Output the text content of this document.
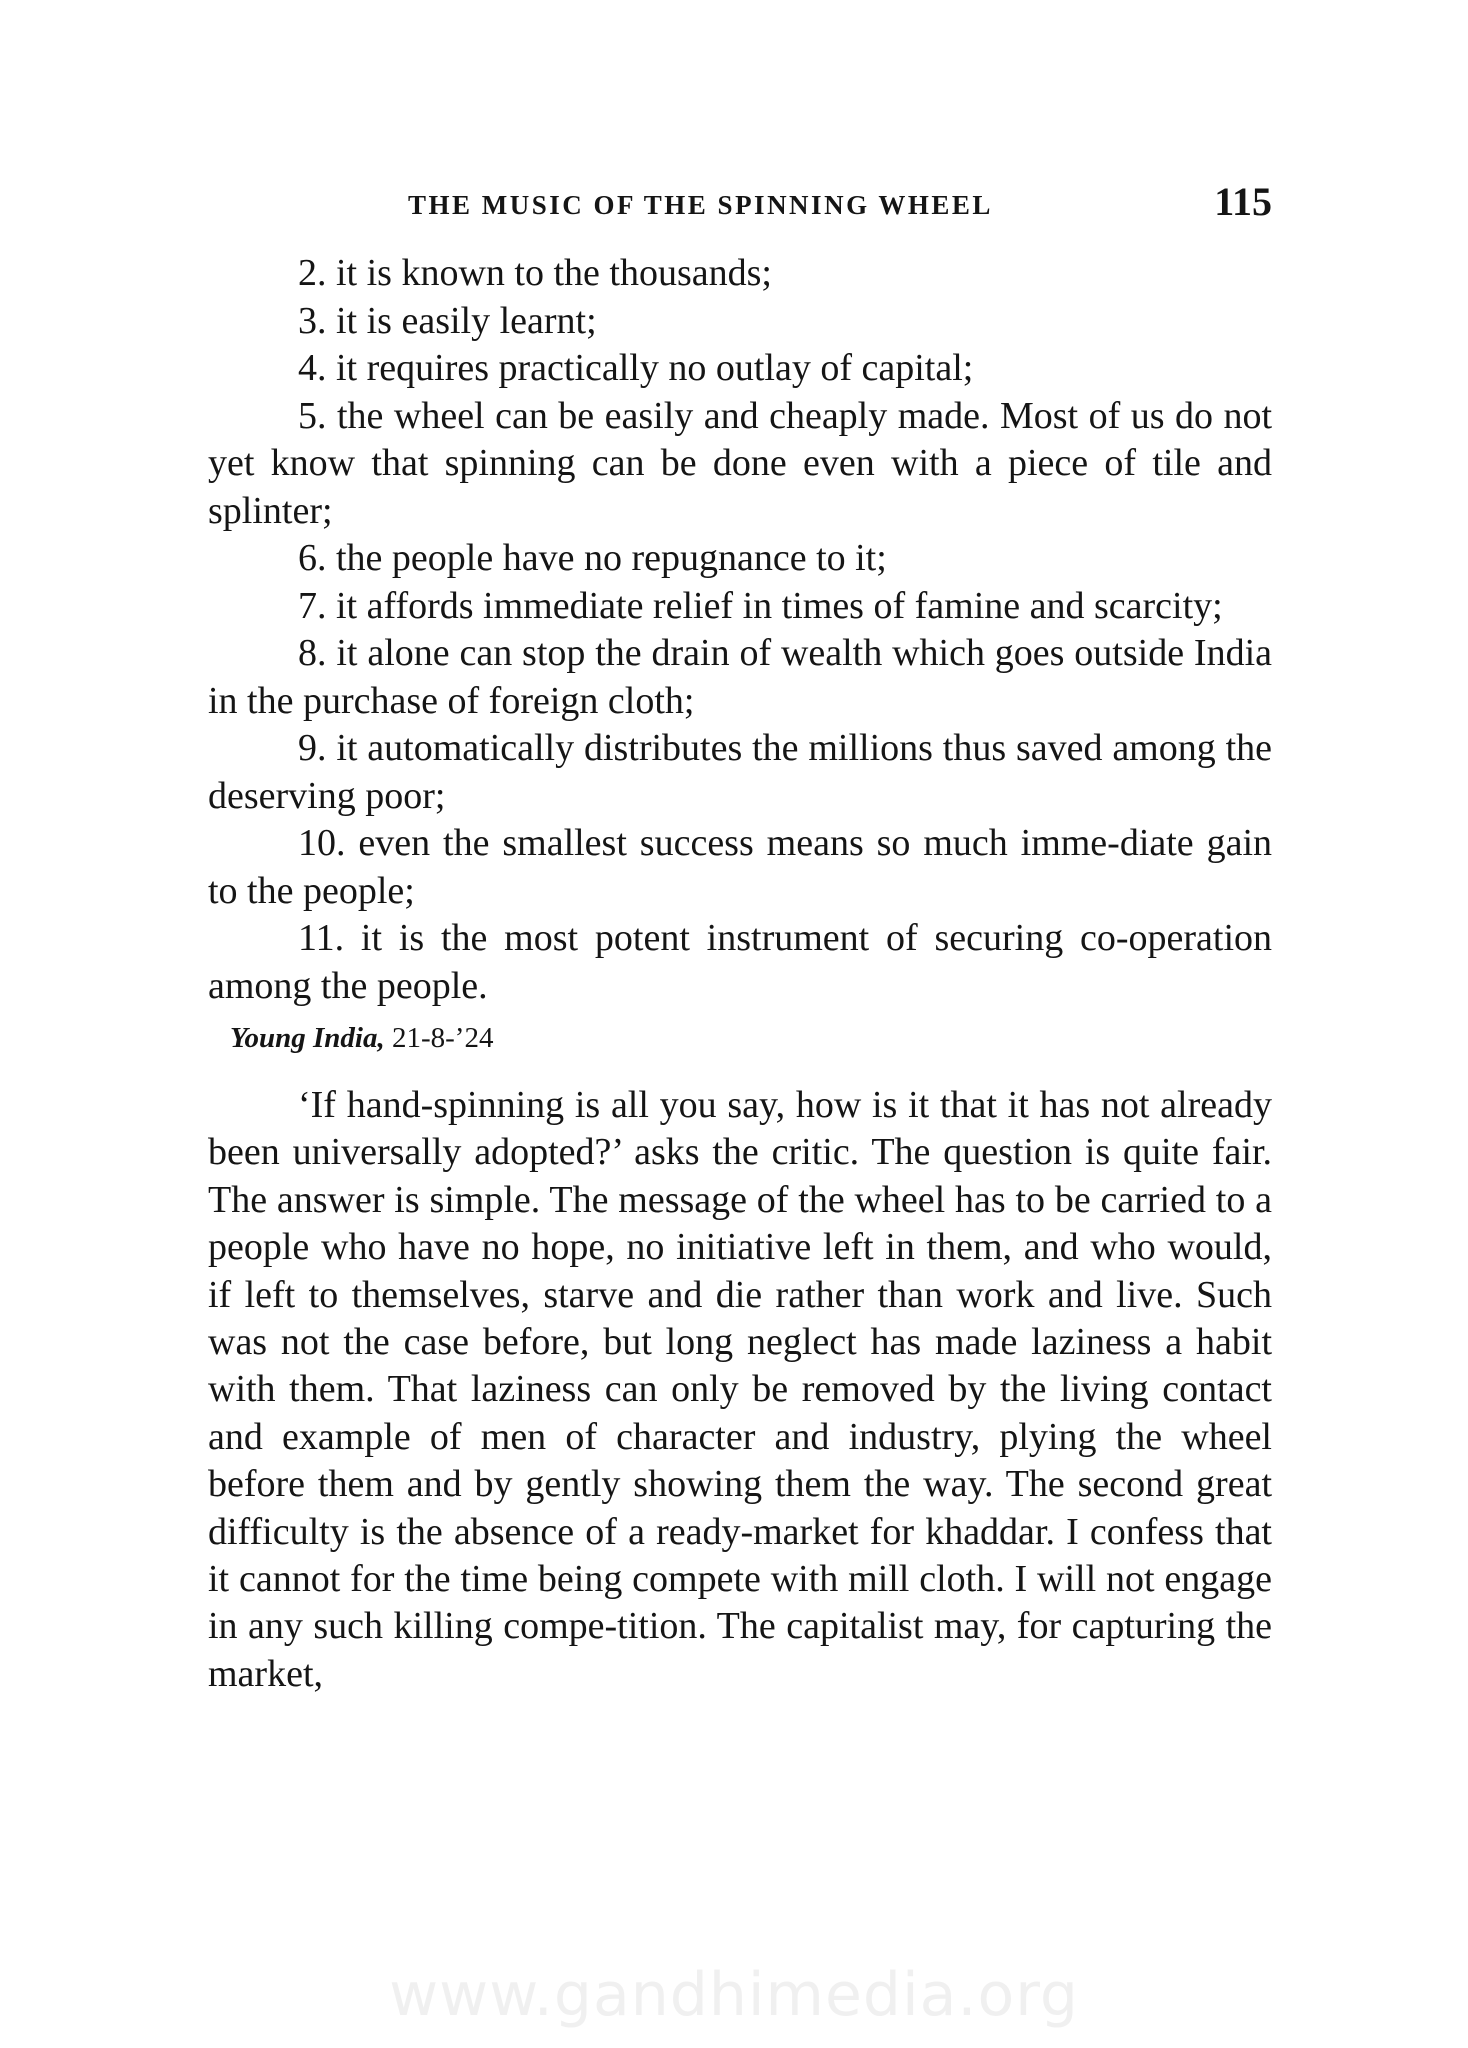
THE MUSIC OF THE SPINNING WHEEL	115

2. it is known to the thousands;

3. it is easily learnt;

4. it requires practically no outlay of capital;

5. the wheel can be easily and cheaply made. Most of us do not yet know that spinning can be done even with a piece of tile and splinter;

6. the people have no repugnance to it;

7. it affords immediate relief in times of famine and scarcity;

8. it alone can stop the drain of wealth which goes outside India in the purchase of foreign cloth;

9. it automatically distributes the millions thus saved among the deserving poor;

10. even the smallest success means so much imme-diate gain to the people;

11. it is the most potent instrument of securing co-operation among the people.

Young India, 21-8-’24

‘If hand-spinning is all you say, how is it that it has not already been universally adopted?’ asks the critic. The question is quite fair. The answer is simple. The message of the wheel has to be carried to a people who have no hope, no initiative left in them, and who would, if left to themselves, starve and die rather than work and live. Such was not the case before, but long neglect has made laziness a habit with them. That laziness can only be removed by the living contact and example of men of character and industry, plying the wheel before them and by gently showing them the way. The second great difficulty is the absence of a ready-market for khaddar. I confess that it cannot for the time being compete with mill cloth. I will not engage in any such killing compe-tition. The capitalist may, for capturing the market,

www.gandhimedia.org
